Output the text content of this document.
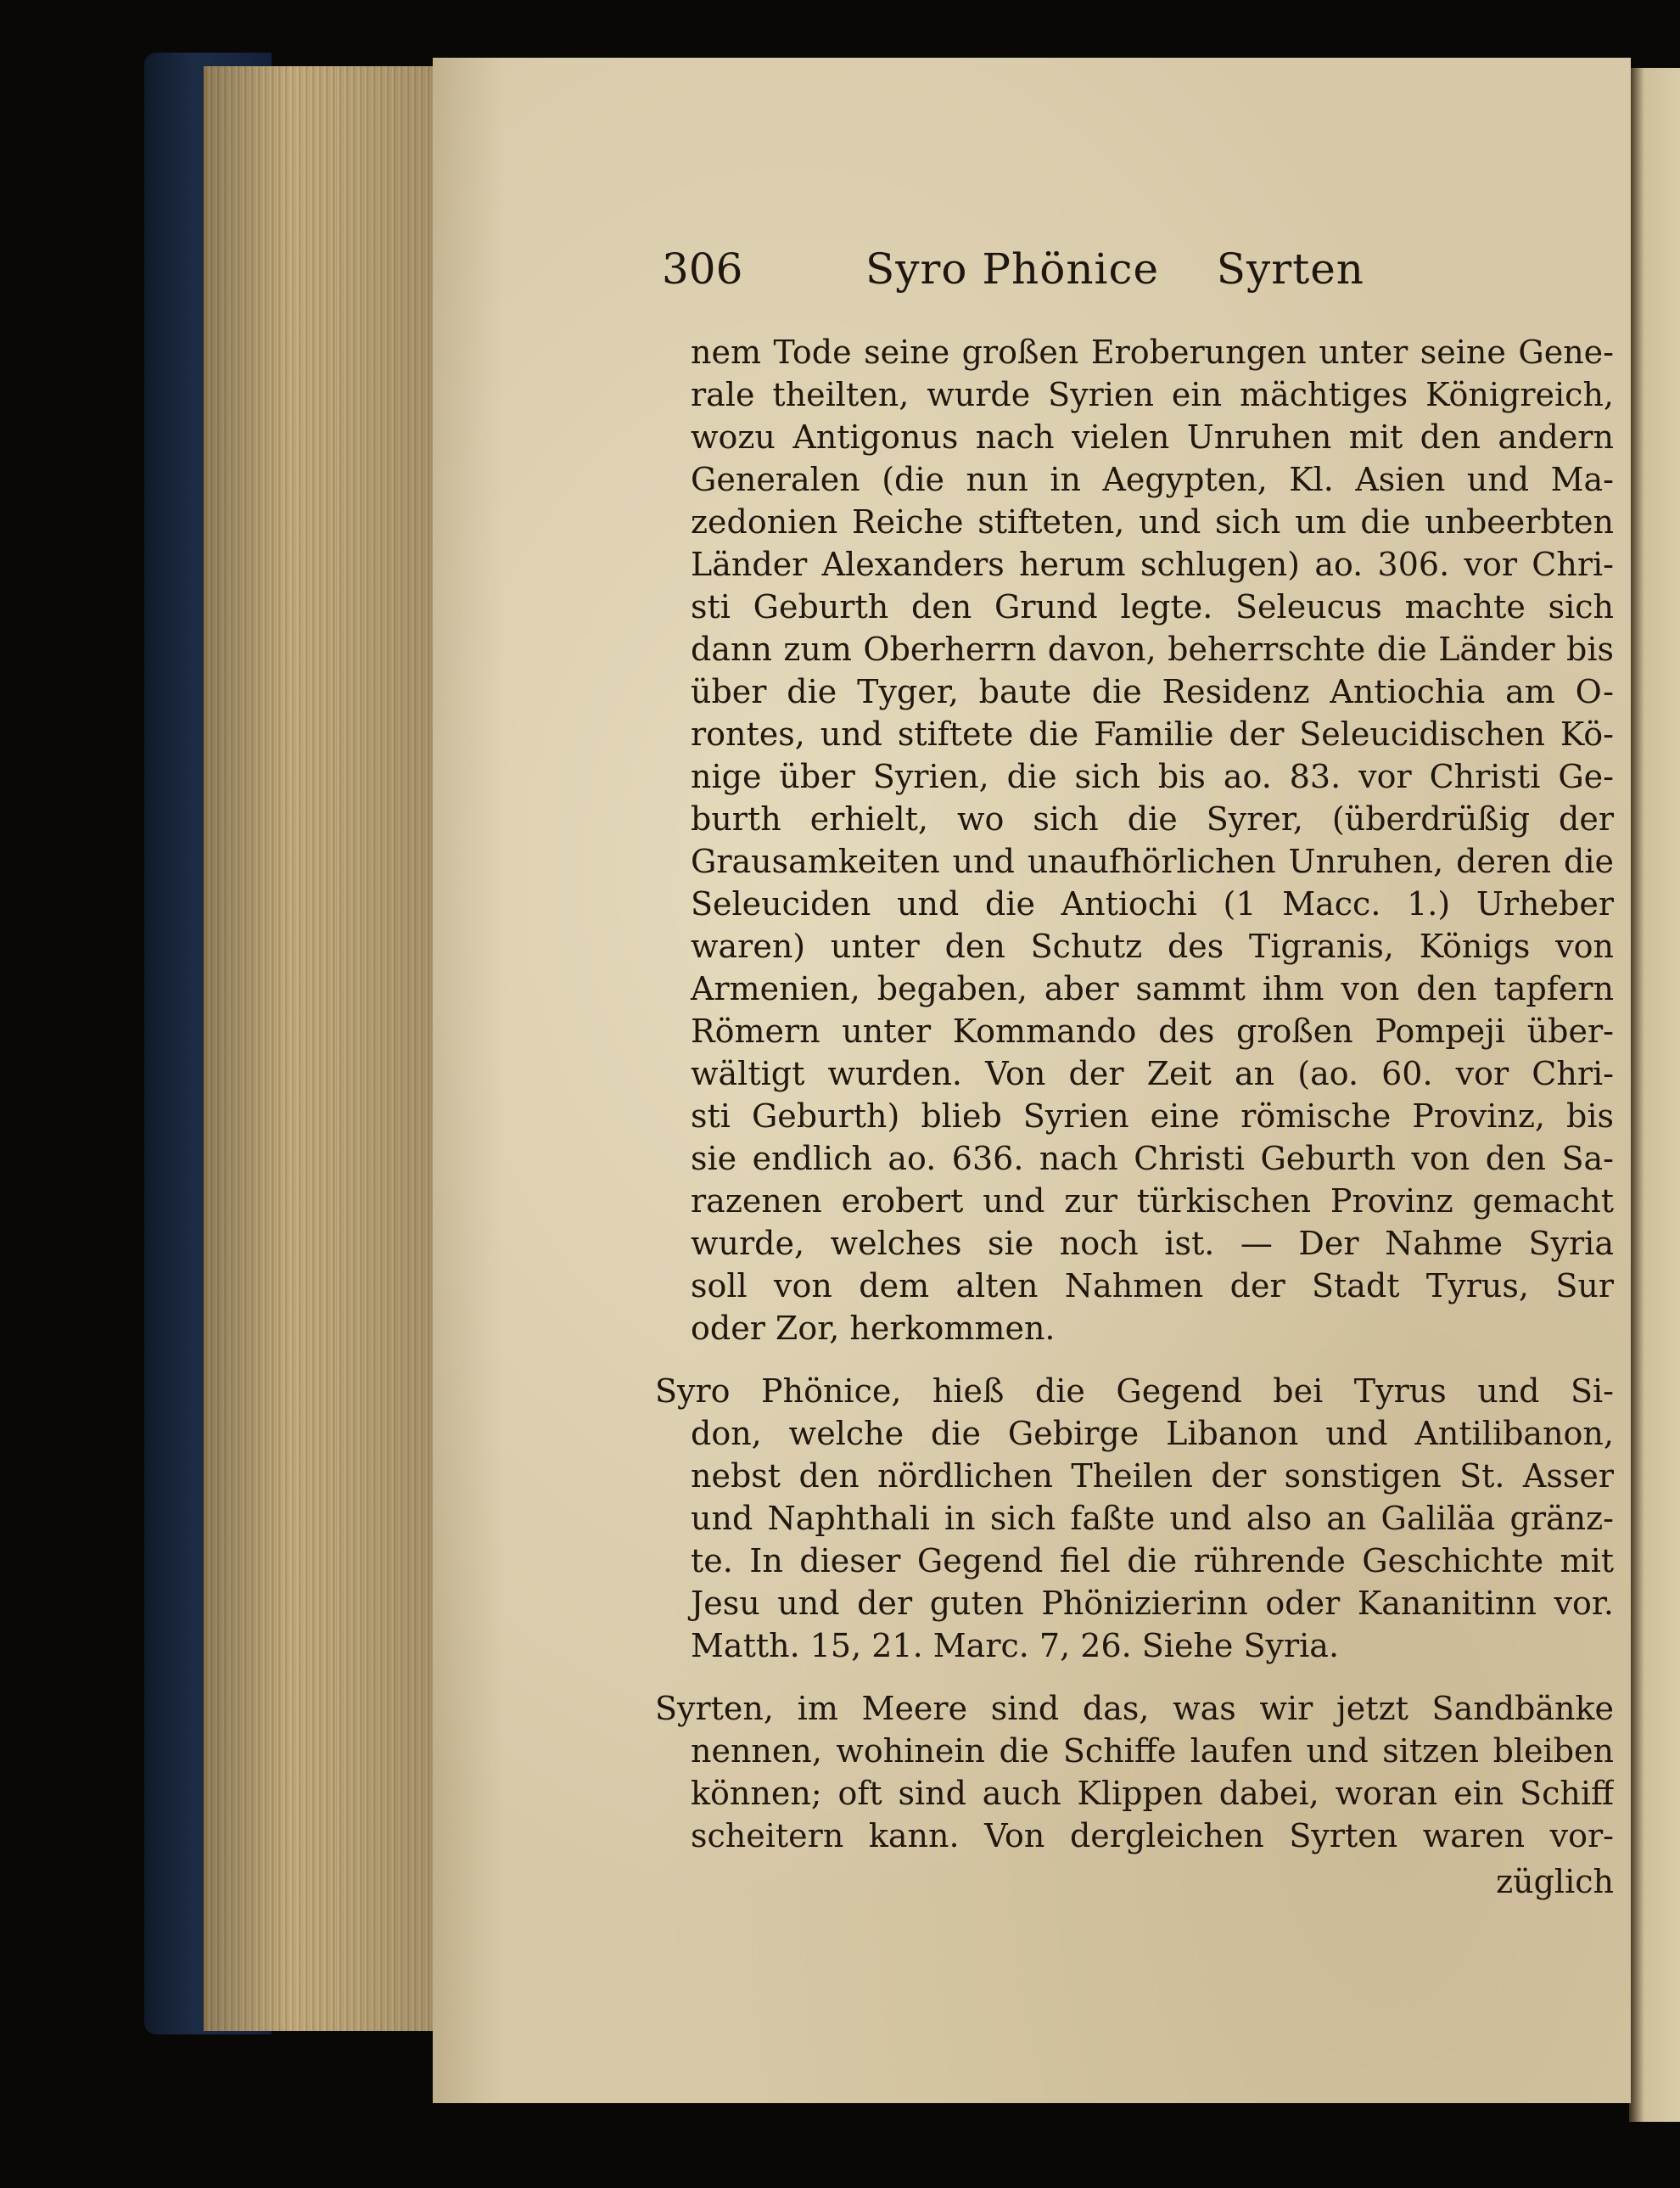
306	Syro Phönice    Syrten
nem Tode seine großen Eroberungen unter seine Gene-
rale theilten, wurde Syrien ein mächtiges Königreich,
wozu Antigonus nach vielen Unruhen mit den andern
Generalen (die nun in Aegypten, Kl. Asien und Ma-
zedonien Reiche stifteten, und sich um die unbeerbten
Länder Alexanders herum schlugen) ao. 306. vor Chri-
sti Geburth den Grund legte. Seleucus machte sich
dann zum Oberherrn davon, beherrschte die Länder bis
über die Tyger, baute die Residenz Antiochia am O-
rontes, und stiftete die Familie der Seleucidischen Kö-
nige über Syrien, die sich bis ao. 83. vor Christi Ge-
burth erhielt, wo sich die Syrer, (überdrüßig der
Grausamkeiten und unaufhörlichen Unruhen, deren die
Seleuciden und die Antiochi (1 Macc. 1.) Urheber
waren) unter den Schutz des Tigranis, Königs von
Armenien, begaben, aber sammt ihm von den tapfern
Römern unter Kommando des großen Pompeji über-
wältigt wurden. Von der Zeit an (ao. 60. vor Chri-
sti Geburth) blieb Syrien eine römische Provinz, bis
sie endlich ao. 636. nach Christi Geburth von den Sa-
razenen erobert und zur türkischen Provinz gemacht
wurde, welches sie noch ist. — Der Nahme Syria
soll von dem alten Nahmen der Stadt Tyrus, Sur
oder Zor, herkommen.
Syro Phönice, hieß die Gegend bei Tyrus und Si-
don, welche die Gebirge Libanon und Antilibanon,
nebst den nördlichen Theilen der sonstigen St. Asser
und Naphthali in sich faßte und also an Galiläa gränz-
te. In dieser Gegend fiel die rührende Geschichte mit
Jesu und der guten Phönizierinn oder Kananitinn vor.
Matth. 15, 21. Marc. 7, 26. Siehe Syria.
Syrten, im Meere sind das, was wir jetzt Sandbänke
nennen, wohinein die Schiffe laufen und sitzen bleiben
können; oft sind auch Klippen dabei, woran ein Schiff
scheitern kann. Von dergleichen Syrten waren vor-
züglich
